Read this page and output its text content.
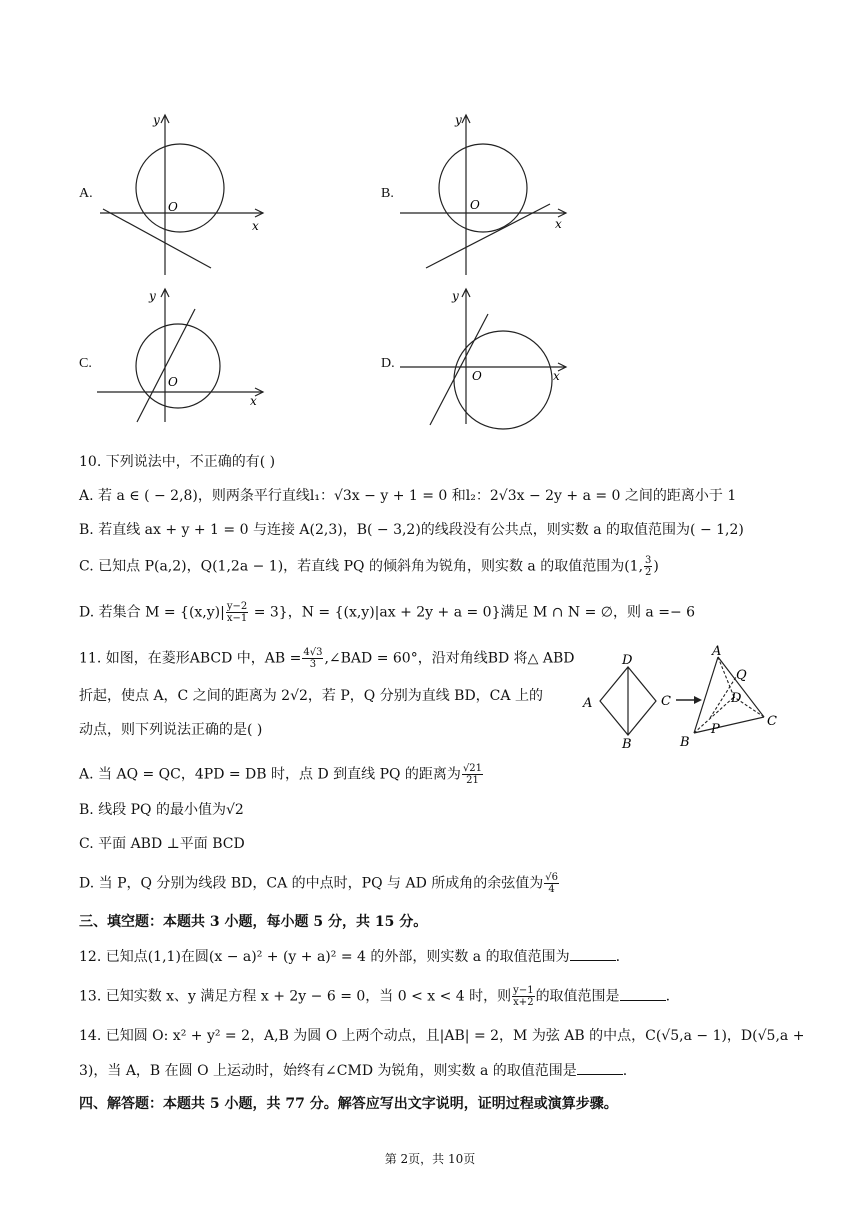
A.	B.
C.	D.
O
x
y
O
x
y
O
x
y
O	x
y
10. 下列说法中，不正确的有( )
A. 若 a ∈ ( − 2,8)，则两条平行直线l₁：√3x − y + 1 = 0 和l₂：2√3x − 2y + a = 0 之间的距离小于 1
B. 若直线 ax + y + 1 = 0 与连接 A(2,3)，B( − 3,2)的线段没有公共点，则实数 a 的取值范围为( − 1,2)
C. 已知点 P(a,2)，Q(1,2a − 1)，若直线 PQ 的倾斜角为锐角，则实数 a 的取值范围为(1, $\frac{3}{2}$ )
D. 若集合 $M = \{(x,y)| \frac{y-2}{x-1} = 3\}$，N = {(x,y)|ax + 2y + a = 0}满足 M ∩ N = ∅，则 a =− 6
11. 如图，在菱形ABCD 中，AB = $\frac{4√3}{3}$ ,∠BAD = 60°，沿对角线BD 将△ ABD
折起，使点 A，C 之间的距离为 2√2，若 P，Q 分别为直线 BD，CA 上的
动点，则下列说法正确的是( )
A
D
C
B
A
Q
D
C
P
B
A. 当 AQ = QC，4PD = DB 时，点 D 到直线 PQ 的距离为 $\frac{√21}{21}$
B. 线段 PQ 的最小值为√2
C. 平面 ABD ⊥平面 BCD
D. 当 P，Q 分别为线段 BD，CA 的中点时，PQ 与 AD 所成角的余弦值为 $\frac{√6}{4}$
三、填空题：本题共 3 小题，每小题 5 分，共 15 分。
12. 已知点(1,1)在圆(x − a)² + (y + a)² = 4 的外部，则实数 a 的取值范围为	.
13. 已知实数 x、y 满足方程 x + 2y − 6 = 0，当 0 < x < 4 时，则 $\frac{y-1}{x+2}$ 的取值范围是	.
14. 已知圆 O: x² + y² = 2，A,B 为圆 O 上两个动点，且|AB| = 2，M 为弦 AB 的中点，C(√5,a − 1)，D(√5,a +
3)，当 A，B 在圆 O 上运动时，始终有∠CMD 为锐角，则实数 a 的取值范围是	.
四、解答题：本题共 5 小题，共 77 分。解答应写出文字说明，证明过程或演算步骤。
第 2页，共 10页
